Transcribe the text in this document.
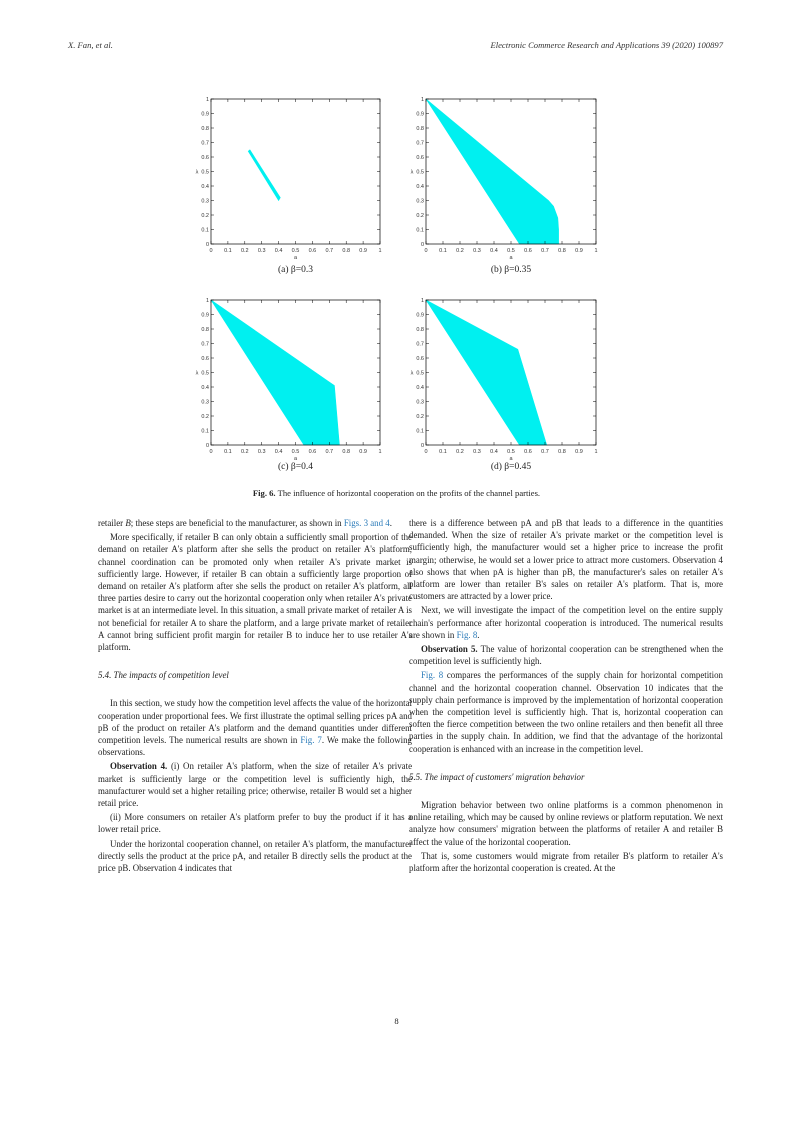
X. Fan, et al.	Electronic Commerce Research and Applications 39 (2020) 100897
0 0.1 0.2 0.3 0.4 0.5 0.6 0.7 0.8 0.9 1
0
0.1
0.2
0.3
0.4
0.5
0.6
0.7
0.8
0.9
1
a
λ
(a) β=0.3
0 0.1 0.2 0.3 0.4 0.5 0.6 0.7 0.8 0.9 1
0
0.1
0.2
0.3
0.4
0.5
0.6
0.7
0.8
0.9
1
a
λ
(b) β=0.35
0 0.1 0.2 0.3 0.4 0.5 0.6 0.7 0.8 0.9 1
0
0.1
0.2
0.3
0.4
0.5
0.6
0.7
0.8
0.9
1
a
λ
(c) β=0.4
0 0.1 0.2 0.3 0.4 0.5 0.6 0.7 0.8 0.9 1
0
0.1
0.2
0.3
0.4
0.5
0.6
0.7
0.8
0.9
1
a
λ
(d) β=0.45
Fig. 6. The influence of horizontal cooperation on the profits of the channel parties.

retailer B; these steps are beneficial to the manufacturer, as shown in Figs. 3 and 4.

More specifically, if retailer B can only obtain a sufficiently small proportion of the demand on retailer A's platform after she sells the product on retailer A's platform, channel coordination can be promoted only when retailer A's private market is sufficiently large. However, if retailer B can obtain a sufficiently large proportion of demand on retailer A's platform after she sells the product on retailer A's platform, all three parties desire to carry out the horizontal cooperation only when retailer A's private market is at an intermediate level. In this situation, a small private market of retailer A is not beneficial for retailer A to share the platform, and a large private market of retailer A cannot bring sufficient profit margin for retailer B to induce her to use retailer A's platform.

5.4. The impacts of competition level

In this section, we study how the competition level affects the value of the horizontal cooperation under proportional fees. We first illustrate the optimal selling prices pA and pB of the product on retailer A's platform and the demand quantities under different competition levels. The numerical results are shown in Fig. 7. We make the following observations.

Observation 4. (i) On retailer A's platform, when the size of retailer A's private market is sufficiently large or the competition level is sufficiently high, the manufacturer would set a higher retailing price; otherwise, retailer B would set a higher retail price.

(ii) More consumers on retailer A's platform prefer to buy the product if it has a lower retail price.

Under the horizontal cooperation channel, on retailer A's platform, the manufacturer directly sells the product at the price pA, and retailer B directly sells the product at the price pB. Observation 4 indicates that

there is a difference between pA and pB that leads to a difference in the quantities demanded. When the size of retailer A's private market or the competition level is sufficiently high, the manufacturer would set a higher price to increase the profit margin; otherwise, he would set a lower price to attract more customers. Observation 4 also shows that when pA is higher than pB, the manufacturer's sales on retailer A's platform are lower than retailer B's sales on retailer A's platform. That is, more customers are attracted by a lower price.

Next, we will investigate the impact of the competition level on the entire supply chain's performance after horizontal cooperation is introduced. The numerical results are shown in Fig. 8.

Observation 5. The value of horizontal cooperation can be strengthened when the competition level is sufficiently high.

Fig. 8 compares the performances of the supply chain for horizontal competition channel and the horizontal cooperation channel. Observation 10 indicates that the supply chain performance is improved by the implementation of horizontal cooperation when the competition level is sufficiently high. That is, horizontal cooperation can soften the fierce competition between the two online retailers and then benefit all three parties in the supply chain. In addition, we find that the advantage of the horizontal cooperation is enhanced with an increase in the competition level.

5.5. The impact of customers' migration behavior

Migration behavior between two online platforms is a common phenomenon in online retailing, which may be caused by online reviews or platform reputation. We next analyze how consumers' migration between the platforms of retailer A and retailer B affect the value of the horizontal cooperation.

That is, some customers would migrate from retailer B's platform to retailer A's platform after the horizontal cooperation is created. At the

8
